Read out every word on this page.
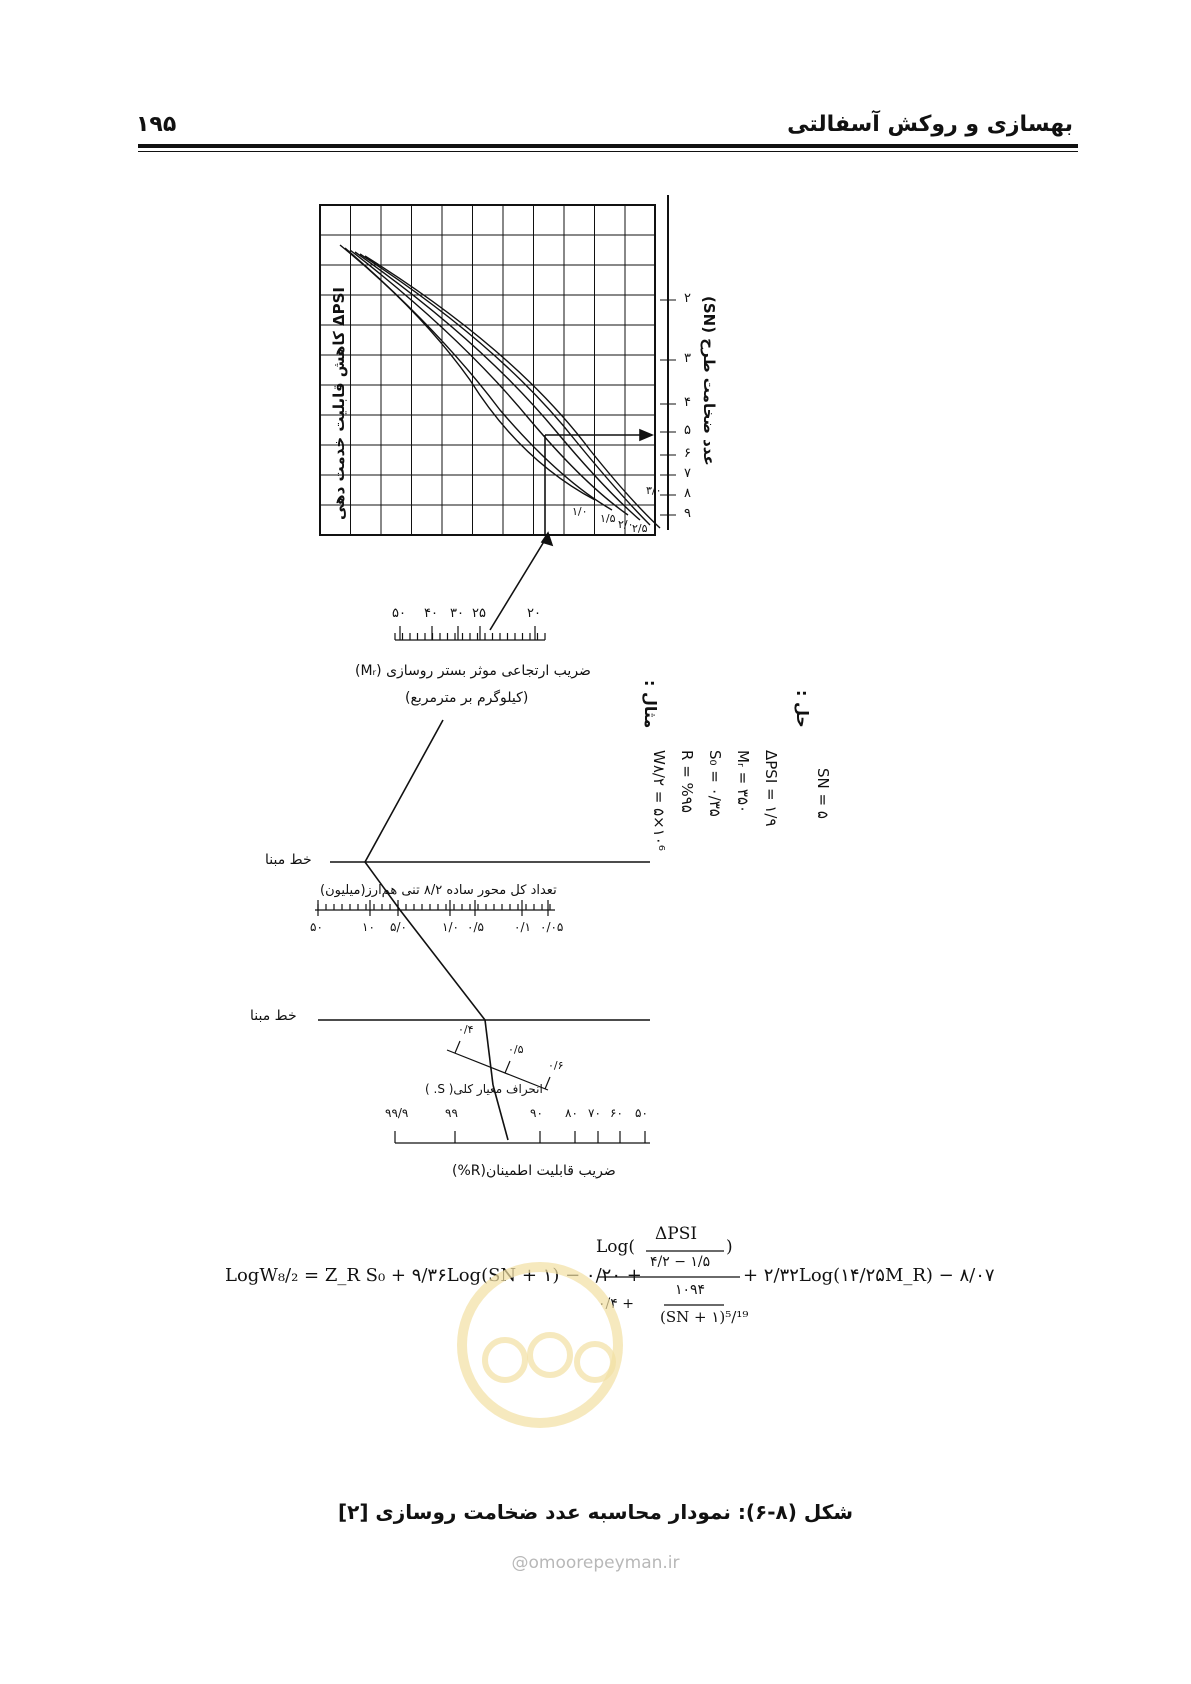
بهسازی و روکش آسفالتی
۱۹۵
ΔPSI کاهش قابلیت خدمت دهی	عدد ضخامت طرح (SN)
۲
۳
۴
۵
۶
۷
۸
۹
۱/۰
۱/۵ ۲/۰
۲/۵
۳/۰
۲۰
۲۵
۳۰
۴۰
۵۰
ضریب ارتجاعی موثر بستر روسازی (Mᵣ)
(کیلوگرم بر مترمربع)
خط مبنا
تعداد کل محور ساده ۸/۲ تنی هم‌ارز(میلیون)
۵۰	۱۰ ۵/۰	۱/۰ ۰/۵	۰/۱ ۰/۰۵
خط مبنا
۰/۴
۰/۵
۰/۶
انحراف معیار کلی( S. )
۹۹/۹	۹۹	۹۰ ۸۰ ۷۰ ۶۰ ۵۰
ضریب قابلیت اطمینان(R%)
مثال :
W۸/۲ = ۵×۱۰⁶ R = %۹۵ S₀ = ۰/۳۵ Mᵣ = ۳۵۰ ΔPSI = ۱/۹
حل :
SN = ۵
LogW₈/₂ = Z_R S₀ + ۹/۳۶Log(SN + ۱) − ۰/۲۰ +
Log(
ΔPSI
۴/۲ − ۱/۵
)
۰/۴ +
۱۰۹۴
(SN + ۱)⁵/¹⁹
+ ۲/۳۲Log(۱۴/۲۵M_R) − ۸/۰۷
شکل (۸-۶): نمودار محاسبه عدد ضخامت روسازی [۲]
@omoorepeyman.ir
